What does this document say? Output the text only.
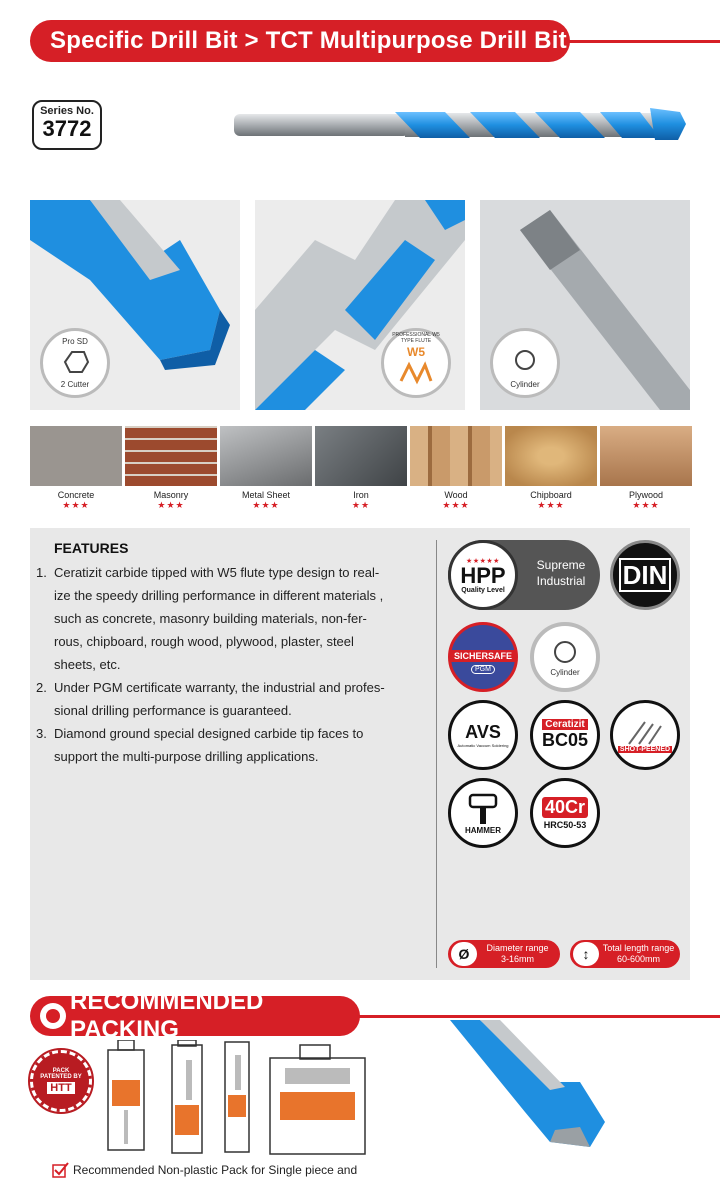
Specific Drill Bit > TCT Multipurpose Drill Bit
Series No.
3772
Pro SD
2 Cutter
W5
PROFESSIONAL W5 TYPE FLUTE
Cylinder
Concrete
★★★
Masonry
★★★
Metal Sheet
★★★
Iron
★★
Wood
★★★
Chipboard
★★★
Plywood
★★★
FEATURES
1. Ceratizit carbide tipped with W5 flute type design to real-
ize the speedy drilling performance in different materials ,
such as concrete, masonry building materials, non-fer-
rous, chipboard, rough wood, plywood, plaster, steel
sheets, etc.
2. Under PGM certificate warranty, the industrial and profes-
sional drilling performance is guaranteed.
3. Diamond ground special designed carbide tip faces to
support the multi-purpose drilling applications.
★★★★★
HPP
Quality Level
Supreme
Industrial	DIN
SICHERSAFE
PGM	Cylinder
AVS
Automatic Vaccum Soldering
Ceratizit
BC05	SHOT-PEENED
HAMMER
40Cr
HRC50-53
Ø	Diameter range
3-16mm	↕	Total length range
60-600mm
RECOMMENDED PACKING
PACK
PATENTED BY
HTT
Recommended Non-plastic Pack for Single piece and
